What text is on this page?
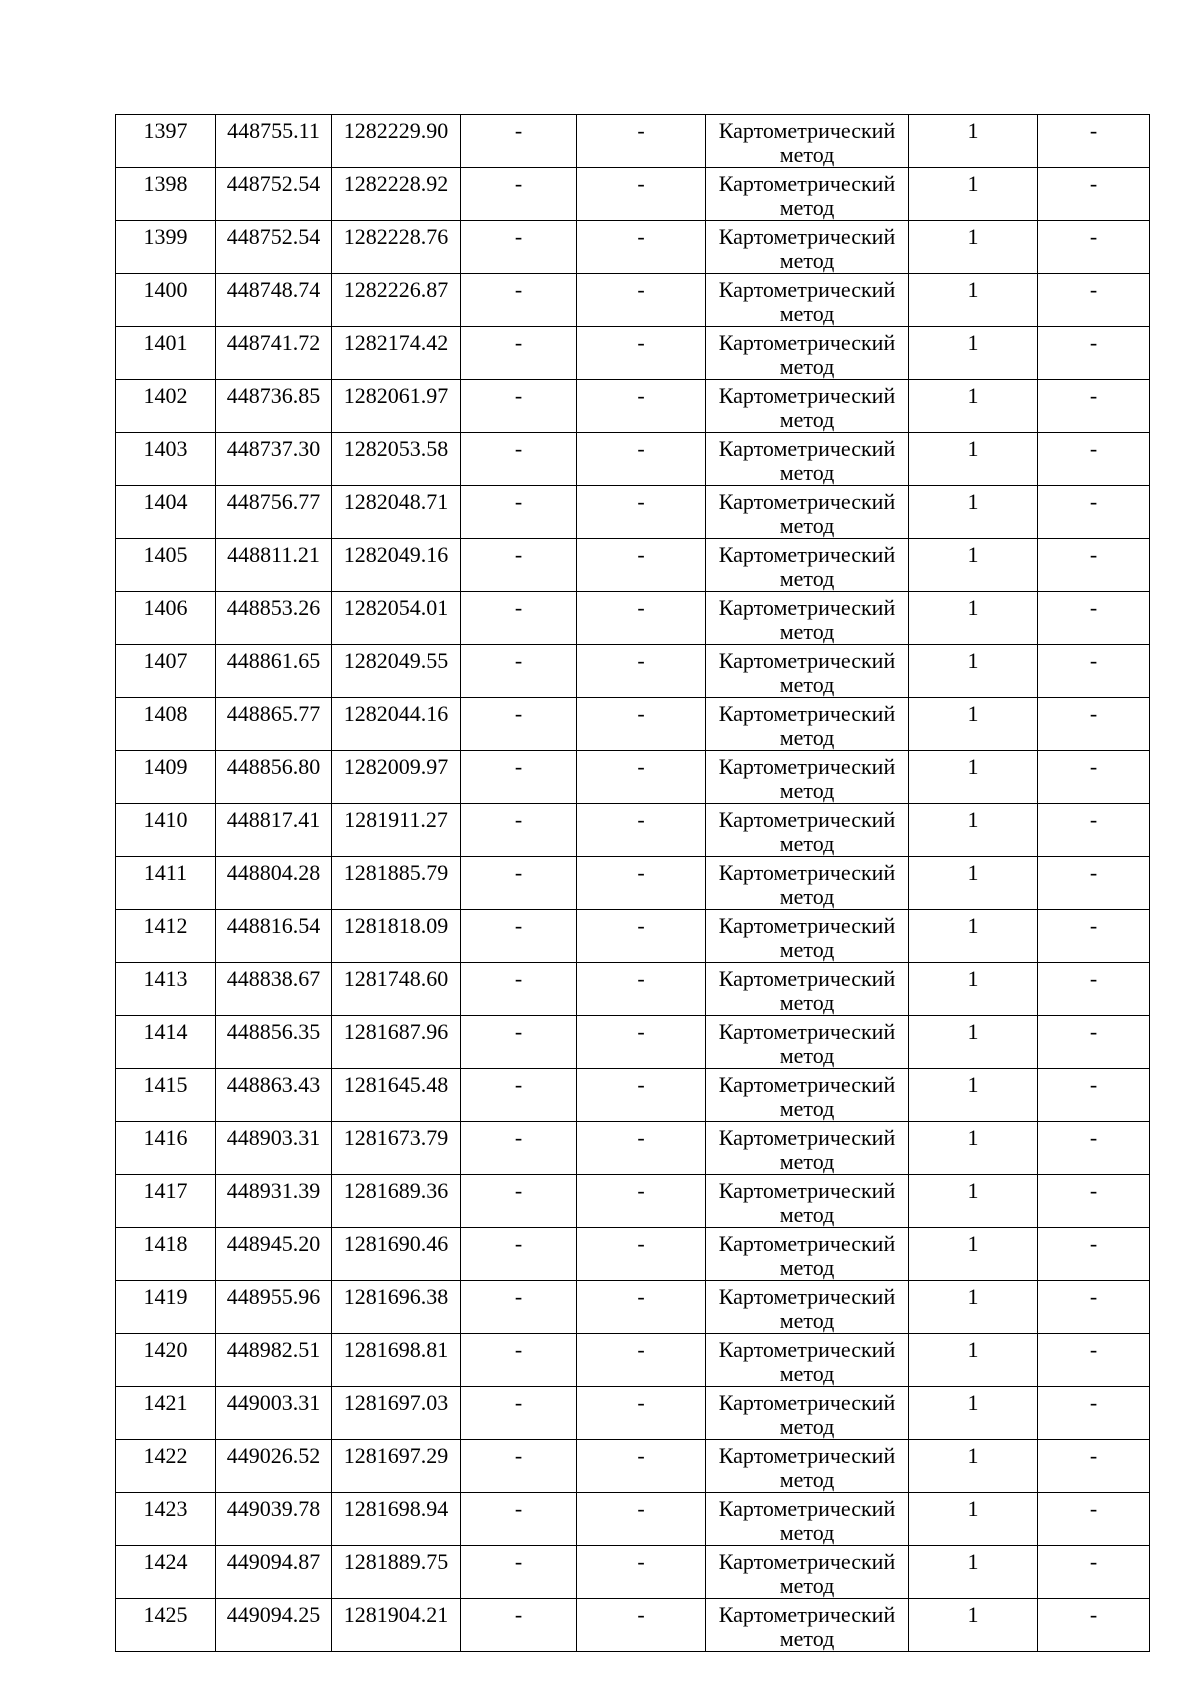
1397	448755.11	1282229.90	-	-	Картометрический
метод	1	-
1398	448752.54	1282228.92	-	-	Картометрический
метод	1	-
1399	448752.54	1282228.76	-	-	Картометрический
метод	1	-
1400	448748.74	1282226.87	-	-	Картометрический
метод	1	-
1401	448741.72	1282174.42	-	-	Картометрический
метод	1	-
1402	448736.85	1282061.97	-	-	Картометрический
метод	1	-
1403	448737.30	1282053.58	-	-	Картометрический
метод	1	-
1404	448756.77	1282048.71	-	-	Картометрический
метод	1	-
1405	448811.21	1282049.16	-	-	Картометрический
метод	1	-
1406	448853.26	1282054.01	-	-	Картометрический
метод	1	-
1407	448861.65	1282049.55	-	-	Картометрический
метод	1	-
1408	448865.77	1282044.16	-	-	Картометрический
метод	1	-
1409	448856.80	1282009.97	-	-	Картометрический
метод	1	-
1410	448817.41	1281911.27	-	-	Картометрический
метод	1	-
1411	448804.28	1281885.79	-	-	Картометрический
метод	1	-
1412	448816.54	1281818.09	-	-	Картометрический
метод	1	-
1413	448838.67	1281748.60	-	-	Картометрический
метод	1	-
1414	448856.35	1281687.96	-	-	Картометрический
метод	1	-
1415	448863.43	1281645.48	-	-	Картометрический
метод	1	-
1416	448903.31	1281673.79	-	-	Картометрический
метод	1	-
1417	448931.39	1281689.36	-	-	Картометрический
метод	1	-
1418	448945.20	1281690.46	-	-	Картометрический
метод	1	-
1419	448955.96	1281696.38	-	-	Картометрический
метод	1	-
1420	448982.51	1281698.81	-	-	Картометрический
метод	1	-
1421	449003.31	1281697.03	-	-	Картометрический
метод	1	-
1422	449026.52	1281697.29	-	-	Картометрический
метод	1	-
1423	449039.78	1281698.94	-	-	Картометрический
метод	1	-
1424	449094.87	1281889.75	-	-	Картометрический
метод	1	-
1425	449094.25	1281904.21	-	-	Картометрический
метод	1	-
